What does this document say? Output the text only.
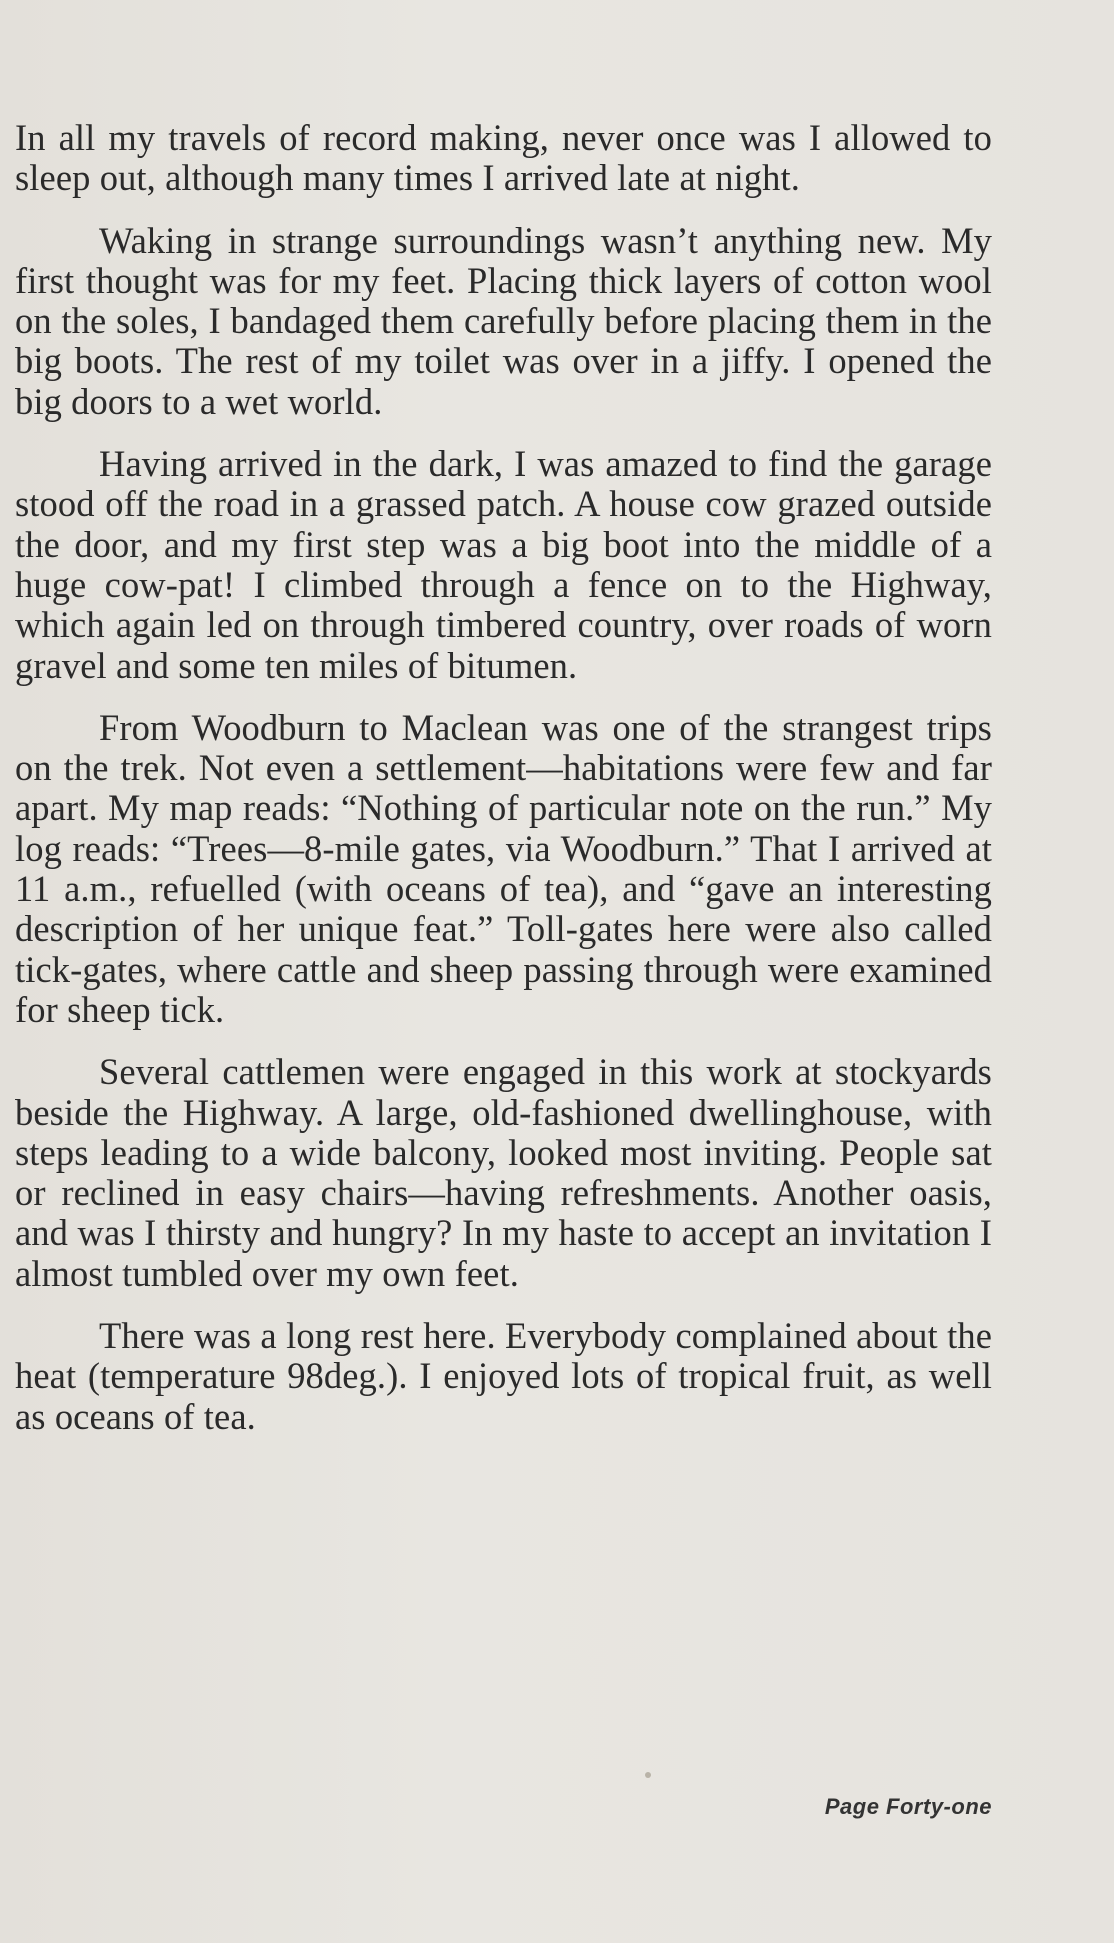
In all my travels of record making, never once was I allowed to sleep out, although many times I arrived late at night.

Waking in strange surroundings wasn’t anything new. My first thought was for my feet. Placing thick layers of cotton wool on the soles, I bandaged them carefully before placing them in the big boots. The rest of my toilet was over in a jiffy. I opened the big doors to a wet world.

Having arrived in the dark, I was amazed to find the garage stood off the road in a grassed patch. A house cow grazed outside the door, and my first step was a big boot into the middle of a huge cow-pat! I climbed through a fence on to the Highway, which again led on through timbered country, over roads of worn gravel and some ten miles of bitumen.

From Woodburn to Maclean was one of the strangest trips on the trek. Not even a settlement—habitations were few and far apart. My map reads: “Nothing of particular note on the run.” My log reads: “Trees—8-mile gates, via Woodburn.” That I arrived at 11 a.m., refuelled (with oceans of tea), and “gave an interesting description of her unique feat.” Toll-gates here were also called tick-gates, where cattle and sheep passing through were examined for sheep tick.

Several cattlemen were engaged in this work at stockyards beside the Highway. A large, old-fashioned dwellinghouse, with steps leading to a wide balcony, looked most inviting. People sat or reclined in easy chairs—having refreshments. Another oasis, and was I thirsty and hungry? In my haste to accept an invitation I almost tumbled over my own feet.

There was a long rest here. Everybody complained about the heat (temperature 98deg.). I enjoyed lots of tropical fruit, as well as oceans of tea.

Page Forty-one
